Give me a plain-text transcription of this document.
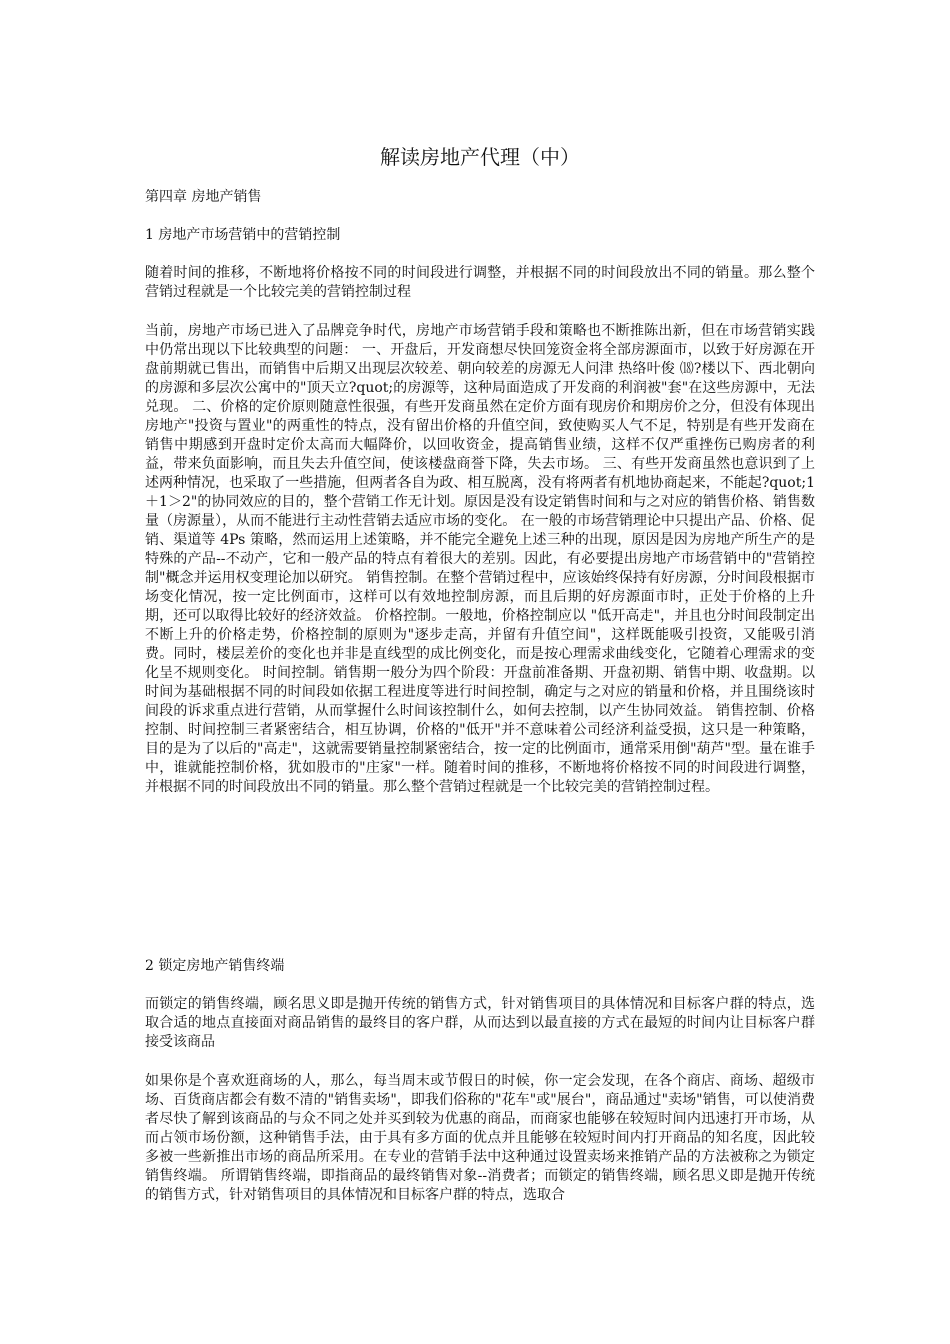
解读房地产代理（中）
第四章 房地产销售
1 房地产市场营销中的营销控制

随着时间的推移，不断地将价格按不同的时间段进行调整，并根据不同的时间段放出不同的销量。那么整个营销过程就是一个比较完美的营销控制过程

当前，房地产市场已进入了品牌竞争时代，房地产市场营销手段和策略也不断推陈出新，但在市场营销实践中仍常出现以下比较典型的问题： 一、开盘后，开发商想尽快回笼资金将全部房源面市，以致于好房源在开盘前期就已售出，而销售中后期又出现层次较差、朝向较差的房源无人问津 热络叶俊 ⒅?楼以下、西北朝向的房源和多层次公寓中的"顶天立?quot;的房源等，这种局面造成了开发商的利润被"套"在这些房源中，无法兑现。 二、价格的定价原则随意性很强，有些开发商虽然在定价方面有现房价和期房价之分，但没有体现出房地产"投资与置业"的两重性的特点，没有留出价格的升值空间，致使购买人气不足，特别是有些开发商在销售中期感到开盘时定价太高而大幅降价，以回收资金，提高销售业绩，这样不仅严重挫伤已购房者的利益，带来负面影响，而且失去升值空间，使该楼盘商誉下降，失去市场。 三、有些开发商虽然也意识到了上述两种情况，也采取了一些措施，但两者各自为政、相互脱离，没有将两者有机地协商起来，不能起?quot;1＋1＞2"的协同效应的目的，整个营销工作无计划。原因是没有设定销售时间和与之对应的销售价格、销售数量（房源量），从而不能进行主动性营销去适应市场的变化。 在一般的市场营销理论中只提出产品、价格、促销、渠道等 4Ps 策略，然而运用上述策略，并不能完全避免上述三种的出现，原因是因为房地产所生产的是特殊的产品--不动产，它和一般产品的特点有着很大的差别。因此，有必要提出房地产市场营销中的"营销控制"概念并运用权变理论加以研究。 销售控制。在整个营销过程中，应该始终保持有好房源，分时间段根据市场变化情况，按一定比例面市，这样可以有效地控制房源，而且后期的好房源面市时，正处于价格的上升期，还可以取得比较好的经济效益。 价格控制。一般地，价格控制应以 "低开高走"，并且也分时间段制定出不断上升的价格走势，价格控制的原则为"逐步走高，并留有升值空间"，这样既能吸引投资，又能吸引消费。同时，楼层差价的变化也并非是直线型的成比例变化，而是按心理需求曲线变化，它随着心理需求的变化呈不规则变化。 时间控制。销售期一般分为四个阶段：开盘前准备期、开盘初期、销售中期、收盘期。以时间为基础根据不同的时间段如依据工程进度等进行时间控制，确定与之对应的销量和价格，并且围绕该时间段的诉求重点进行营销，从而掌握什么时间该控制什么，如何去控制，以产生协同效益。 销售控制、价格控制、时间控制三者紧密结合，相互协调，价格的"低开"并不意味着公司经济利益受损，这只是一种策略，目的是为了以后的"高走"，这就需要销量控制紧密结合，按一定的比例面市，通常采用倒"葫芦"型。量在谁手中，谁就能控制价格，犹如股市的"庄家"一样。随着时间的推移，不断地将价格按不同的时间段进行调整，并根据不同的时间段放出不同的销量。那么整个营销过程就是一个比较完美的营销控制过程。

2 锁定房地产销售终端

而锁定的销售终端，顾名思义即是抛开传统的销售方式，针对销售项目的具体情况和目标客户群的特点，选取合适的地点直接面对商品销售的最终目的客户群，从而达到以最直接的方式在最短的时间内让目标客户群接受该商品

如果你是个喜欢逛商场的人，那么，每当周末或节假日的时候，你一定会发现，在各个商店、商场、超级市场、百货商店都会有数不清的"销售卖场"，即我们俗称的"花车"或"展台"，商品通过"卖场"销售，可以使消费者尽快了解到该商品的与众不同之处并买到较为优惠的商品，而商家也能够在较短时间内迅速打开市场，从而占领市场份额，这种销售手法，由于具有多方面的优点并且能够在较短时间内打开商品的知名度，因此较多被一些新推出市场的商品所采用。在专业的营销手法中这种通过设置卖场来推销产品的方法被称之为锁定销售终端。 所谓销售终端，即指商品的最终销售对象--消费者；而锁定的销售终端，顾名思义即是抛开传统的销售方式，针对销售项目的具体情况和目标客户群的特点，选取合
